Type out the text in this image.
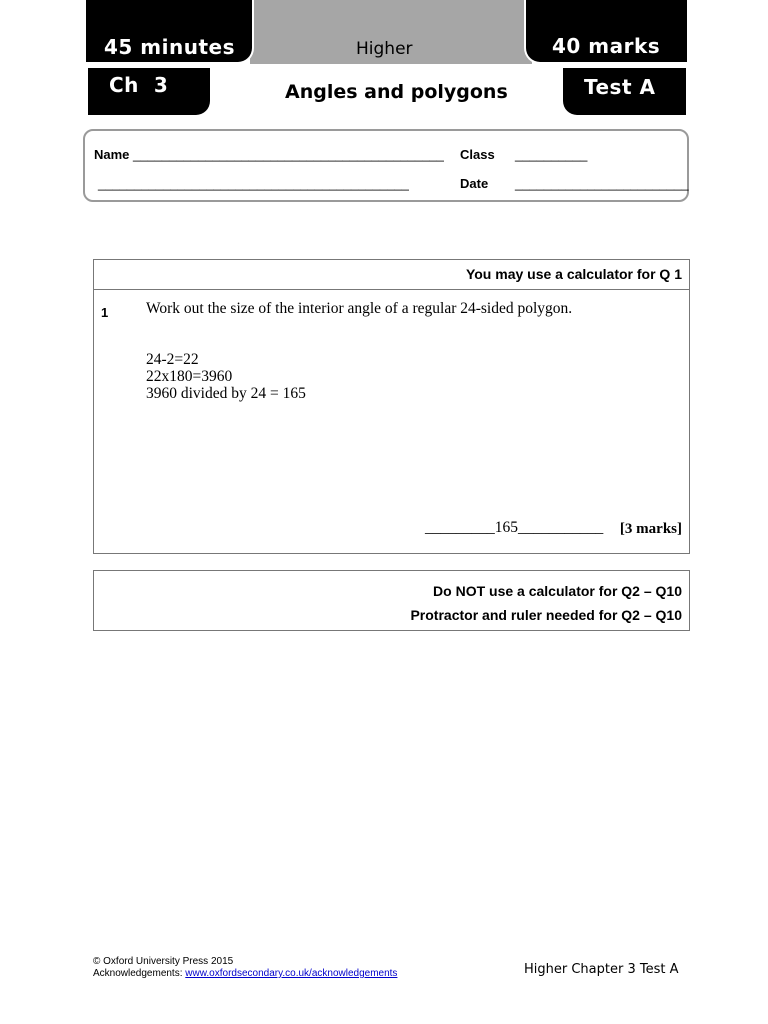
45 minutes	Higher	40 marks
Ch  3	Angles and polygons	Test A
Name ___________________________________________
___________________________________________
Class __________
Date ________________________
You may use a calculator for Q 1
1 Work out the size of the interior angle of a regular 24-sided polygon.
24-2=22
22x180=3960
3960 divided by 24 = 165
_________165___________ [3 marks]
Do NOT use a calculator for Q2 – Q10
Protractor and ruler needed for Q2 – Q10
© Oxford University Press 2015
Acknowledgements: www.oxfordsecondary.co.uk/acknowledgements	Higher Chapter 3 Test A
